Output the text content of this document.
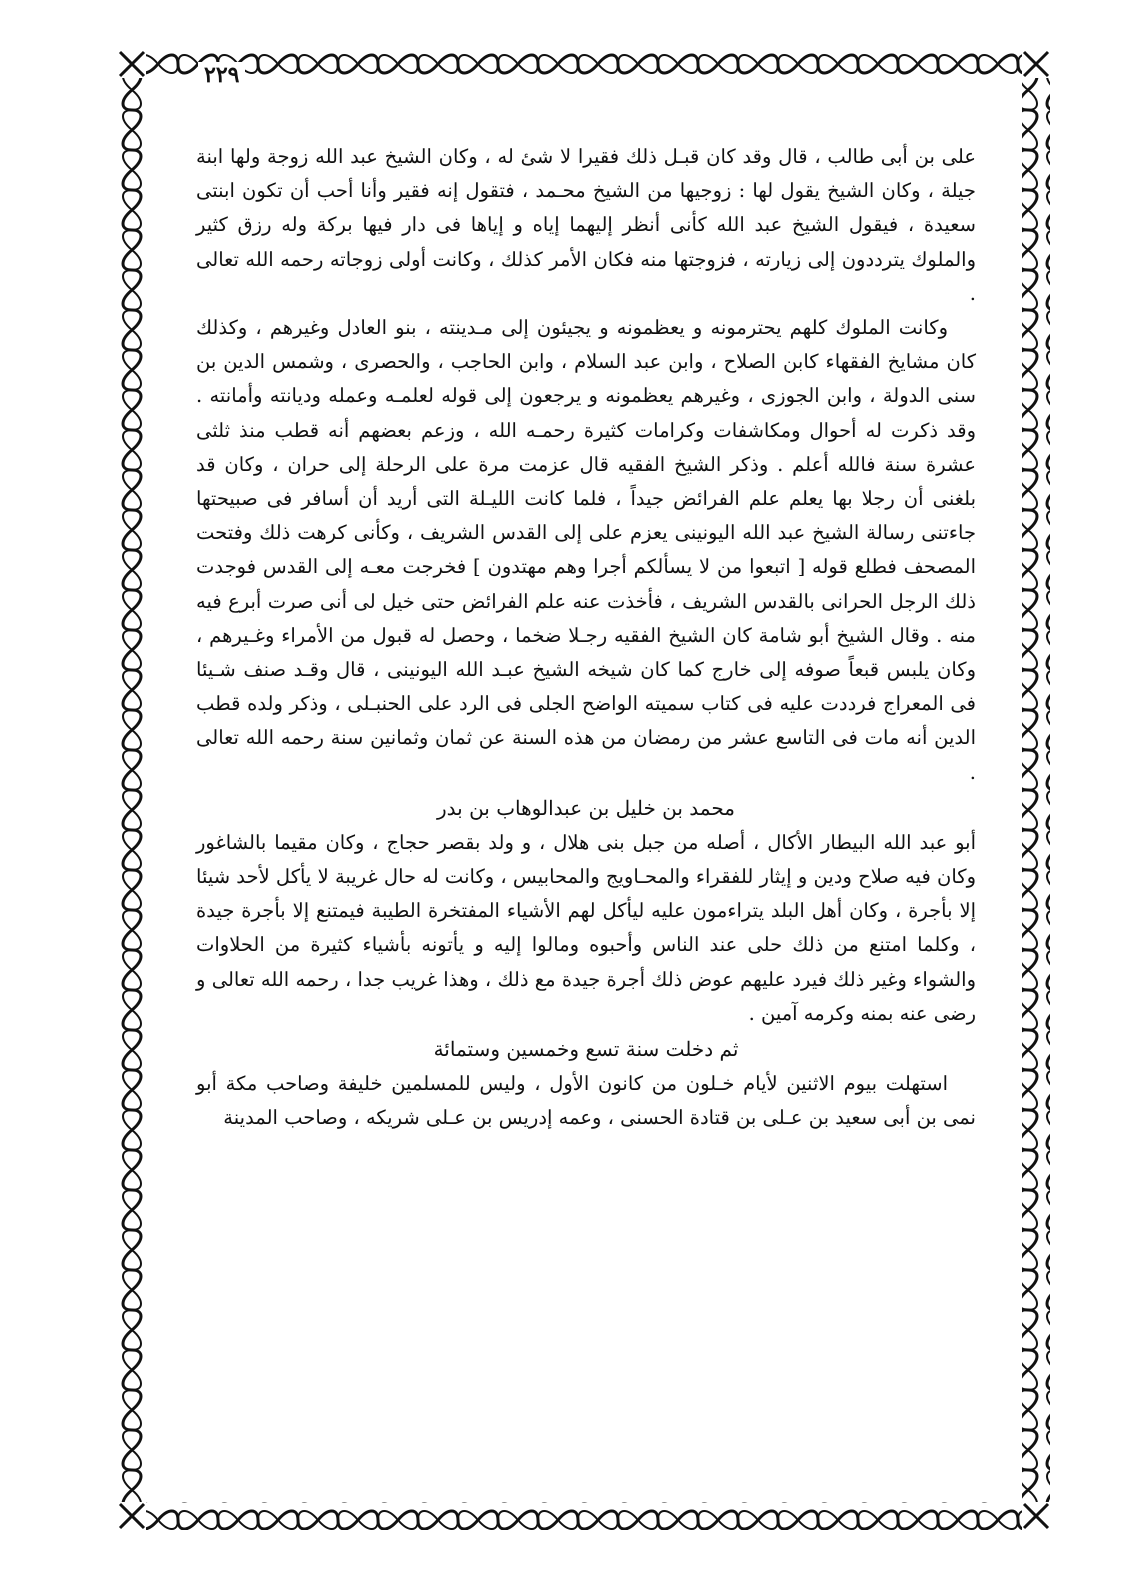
٢٢٩

على بن أبى طالب ، قال وقد كان قبـل ذلك فقيرا لا شئ له ، وكان الشيخ عبد الله زوجة ولها ابنة جيلة ، وكان الشيخ يقول لها : زوجيها من الشيخ محـمد ، فتقول إنه فقير وأنا أحب أن تكون ابنتى سعيدة ، فيقول الشيخ عبد الله كأنى أنظر إليهما إياه و إياها فى دار فيها بركة وله رزق كثير والملوك يترددون إلى زيارته ، فزوجتها منه فكان الأمر كذلك ، وكانت أولى زوجاته رحمه الله تعالى .

وكانت الملوك كلهم يحترمونه و يعظمونه و يجيئون إلى مـدينته ، بنو العادل وغيرهم ، وكذلك كان مشايخ الفقهاء كابن الصلاح ، وابن عبد السلام ، وابن الحاجب ، والحصرى ، وشمس الدين بن سنى الدولة ، وابن الجوزى ، وغيرهم يعظمونه و يرجعون إلى قوله لعلمـه وعمله وديانته وأمانته . وقد ذكرت له أحوال ومكاشفات وكرامات كثيرة رحمـه الله ، وزعم بعضهم أنه قطب منذ ثلثى عشرة سنة فالله أعلم . وذكر الشيخ الفقيه قال عزمت مرة على الرحلة إلى حران ، وكان قد بلغنى أن رجلا بها يعلم علم الفرائض جيداً ، فلما كانت الليـلة التى أريد أن أسافر فى صبيحتها جاءتنى رسالة الشيخ عبد الله اليونينى يعزم على إلى القدس الشريف ، وكأنى كرهت ذلك وفتحت المصحف فطلع قوله [ اتبعوا من لا يسألكم أجرا وهم مهتدون ] فخرجت معـه إلى القدس فوجدت ذلك الرجل الحرانى بالقدس الشريف ، فأخذت عنه علم الفرائض حتى خيل لى أنى صرت أبرع فيه منه . وقال الشيخ أبو شامة كان الشيخ الفقيه رجـلا ضخما ، وحصل له قبول من الأمراء وغـيرهم ، وكان يلبس قبعاً صوفه إلى خارج كما كان شيخه الشيخ عبـد الله اليونينى ، قال وقـد صنف شـيئا فى المعراج فرددت عليه فى كتاب سميته الواضح الجلى فى الرد على الحنبـلى ، وذكر ولده قطب الدين أنه مات فى التاسع عشر من رمضان من هذه السنة عن ثمان وثمانين سنة رحمه الله تعالى .

محمد بن خليل بن عبدالوهاب بن بدر

أبو عبد الله البيطار الأكال ، أصله من جبل بنى هلال ، و ولد بقصر حجاج ، وكان مقيما بالشاغور وكان فيه صلاح ودين و إيثار للفقراء والمحـاويج والمحابيس ، وكانت له حال غريبة لا يأكل لأحد شيئا إلا بأجرة ، وكان أهل البلد يتراءمون عليه ليأكل لهم الأشياء المفتخرة الطيبة فيمتنع إلا بأجرة جيدة ، وكلما امتنع من ذلك حلى عند الناس وأحبوه ومالوا إليه و يأتونه بأشياء كثيرة من الحلاوات والشواء وغير ذلك فيرد عليهم عوض ذلك أجرة جيدة مع ذلك ، وهذا غريب جدا ، رحمه الله تعالى و رضى عنه بمنه وكرمه آمين .

ثم دخلت سنة تسع وخمسين وستمائة

استهلت بيوم الاثنين لأيام خـلون من كانون الأول ، وليس للمسلمين خليفة وصاحب مكة أبو نمى بن أبى سعيد بن عـلى بن قتادة الحسنى ، وعمه إدريس بن عـلى شريكه ، وصاحب المدينة
